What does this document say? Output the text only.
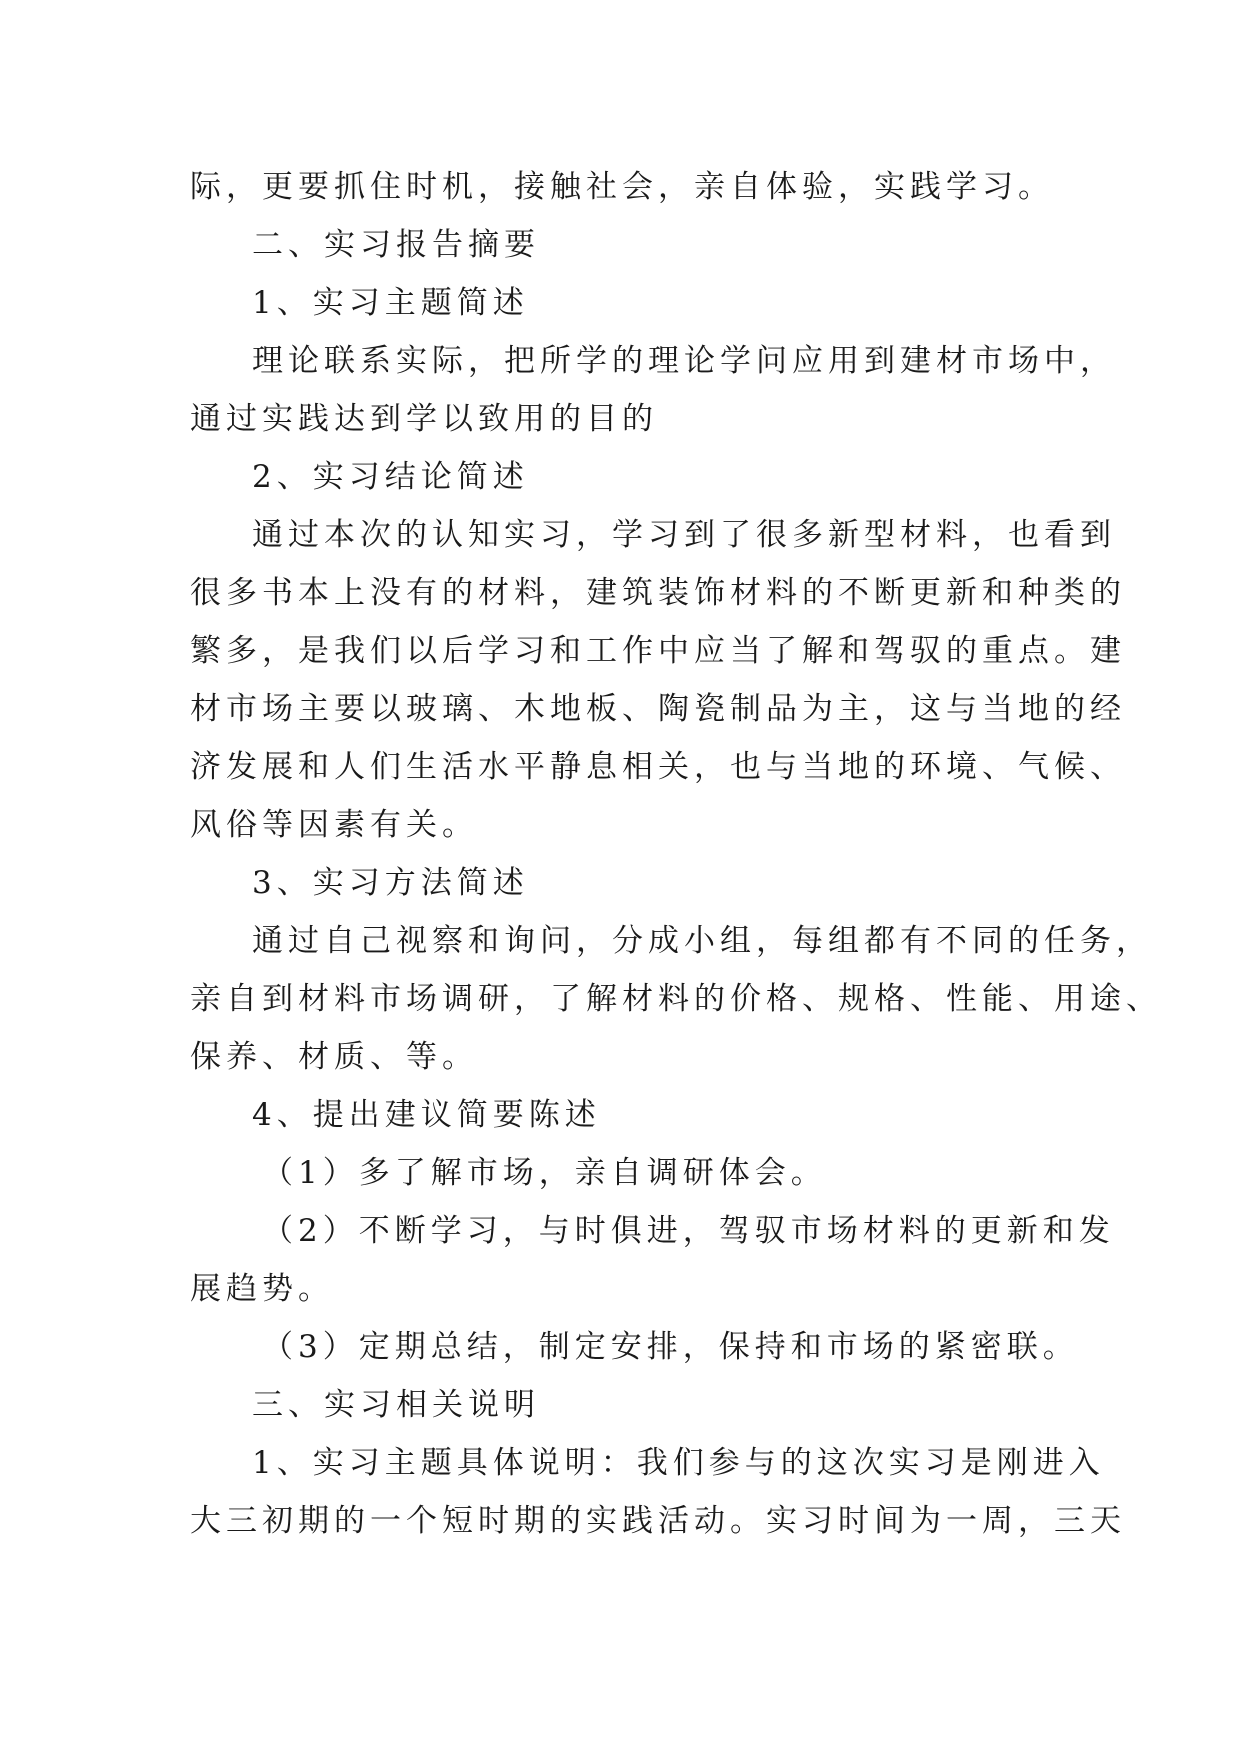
际，更要抓住时机，接触社会，亲自体验，实践学习。
二、实习报告摘要
1、实习主题简述
理论联系实际，把所学的理论学问应用到建材市场中，
通过实践达到学以致用的目的
2、实习结论简述
通过本次的认知实习，学习到了很多新型材料，也看到
很多书本上没有的材料，建筑装饰材料的不断更新和种类的
繁多，是我们以后学习和工作中应当了解和驾驭的重点。建
材市场主要以玻璃、木地板、陶瓷制品为主，这与当地的经
济发展和人们生活水平静息相关，也与当地的环境、气候、
风俗等因素有关。
3、实习方法简述
通过自己视察和询问，分成小组，每组都有不同的任务，
亲自到材料市场调研，了解材料的价格、规格、性能、用途、
保养、材质、等。
4、提出建议简要陈述
（1）多了解市场，亲自调研体会。
（2）不断学习，与时俱进，驾驭市场材料的更新和发
展趋势。
（3）定期总结，制定安排，保持和市场的紧密联。
三、实习相关说明
1、实习主题具体说明：我们参与的这次实习是刚进入
大三初期的一个短时期的实践活动。实习时间为一周，三天
